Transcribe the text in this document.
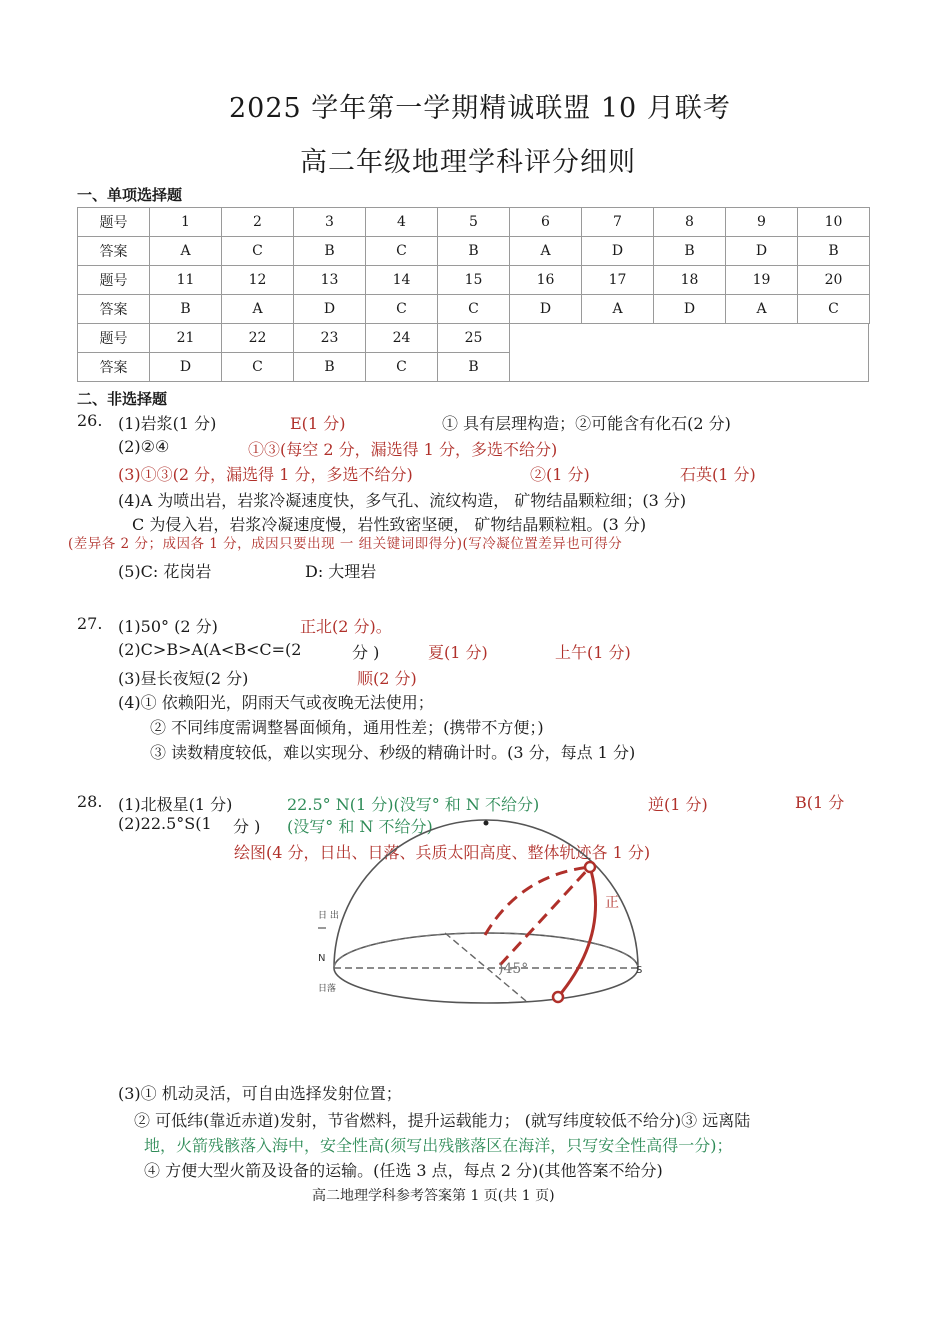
2025 学年第一学期精诚联盟 10 月联考
高二年级地理学科评分细则
一、单项选择题
题号	1	2	3	4	5	6	7	8	9	10
答案	A	C	B	C	B	A	D	B	D	B
题号	11	12	13	14	15	16	17	18	19	20
答案	B	A	D	C	C	D	A	D	A	C
题号	21	22	23	24	25					
答案	D	C	B	C	B					
二、非选择题
26. (1)岩浆(1 分)	E(1 分)	① 具有层理构造；②可能含有化石(2 分)
(2)②④	①③(每空 2 分，漏选得 1 分，多选不给分)
(3)①③(2 分，漏选得 1 分，多选不给分)	②(1 分)	石英(1 分)
(4)A 为喷出岩，岩浆冷凝速度快，多气孔、流纹构造， 矿物结晶颗粒细；(3 分)
C 为侵入岩，岩浆冷凝速度慢，岩性致密坚硬， 矿物结晶颗粒粗。(3 分)
(差异各 2 分；成因各 1 分，成因只要出现 一 组关键词即得分)(写冷凝位置差异也可得分
(5)C: 花岗岩	D: 大理岩
27. (1)50° (2 分)	正北(2 分)。
(2)C>B>A(A<B<C=(2	分 )	夏(1 分)	上午(1 分)
(3)昼长夜短(2 分)	顺(2 分)
(4)① 依赖阳光，阴雨天气或夜晚无法使用；
② 不同纬度需调整晷面倾角，通用性差；(携带不方便；)
③ 读数精度较低，难以实现分、秒级的精确计时。(3 分，每点 1 分)
28. (1)北极星(1 分)	22.5° N(1 分)(没写° 和 N 不给分)	逆(1 分)	B(1 分
(2)22.5°S(1 分 ) (没写° 和 N 不给分)
绘图(4 分，日出、日落、兵质太阳高度、整体轨迹各 1 分)
)45°
日 出
N
日落
S
正
(3)① 机动灵活，可自由选择发射位置；
② 可低纬(靠近赤道)发射，节省燃料，提升运载能力； (就写纬度较低不给分)③ 远离陆
地，火箭残骸落入海中，安全性高(须写出残骸落区在海洋，只写安全性高得一分)；
④ 方便大型火箭及设备的运输。(任选 3 点，每点 2 分)(其他答案不给分)
高二地理学科参考答案第 1 页(共 1 页)
